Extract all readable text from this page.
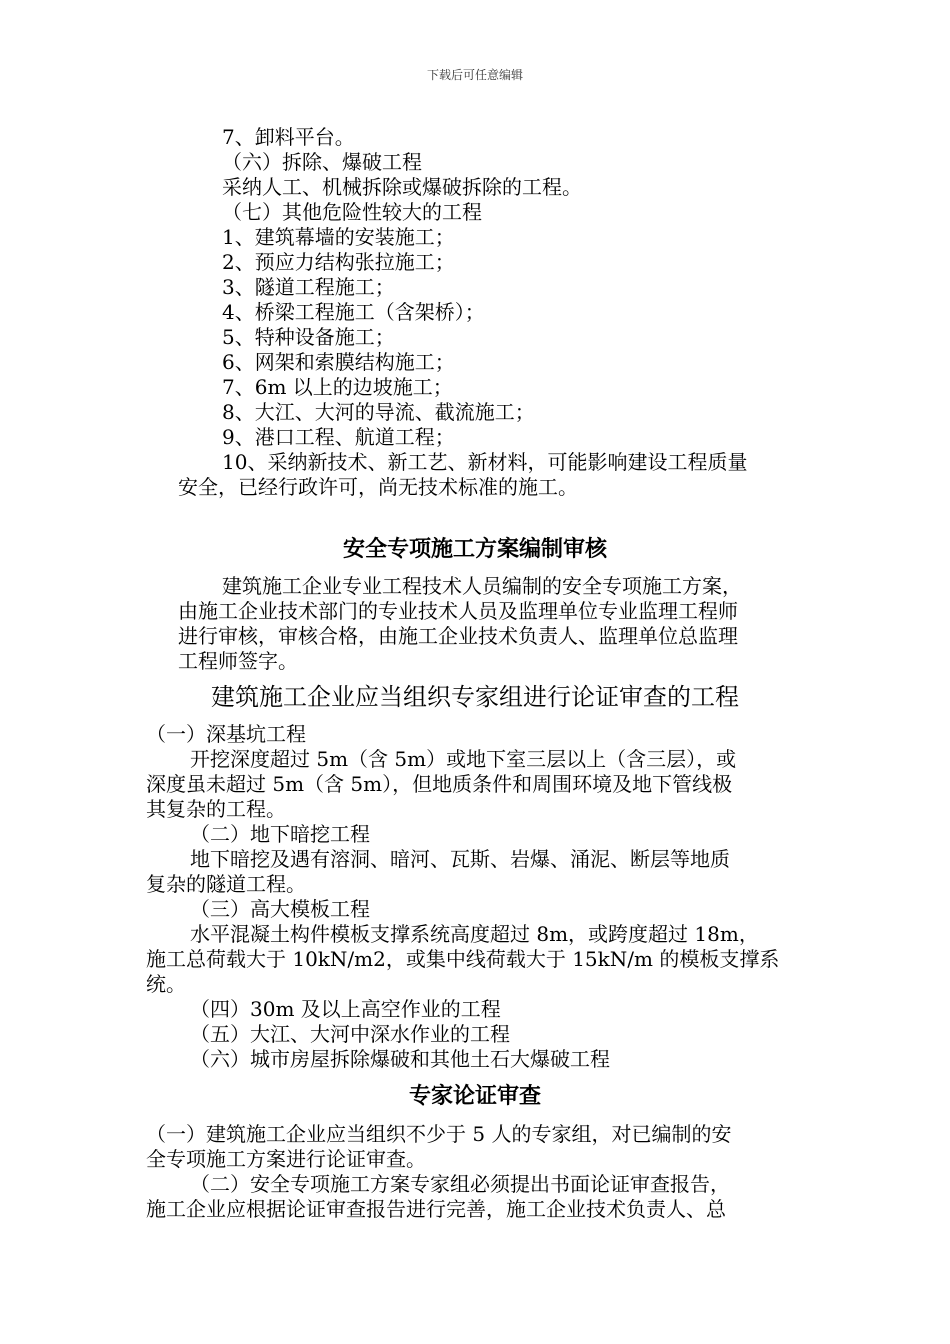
下载后可任意编辑
7、卸料平台。
（六）拆除、爆破工程
采纳人工、机械拆除或爆破拆除的工程。
（七）其他危险性较大的工程
1、建筑幕墙的安装施工；
2、预应力结构张拉施工；
3、隧道工程施工；
4、桥梁工程施工（含架桥）；
5、特种设备施工；
6、网架和索膜结构施工；
7、6m 以上的边坡施工；
8、大江、大河的导流、截流施工；
9、港口工程、航道工程；
10、采纳新技术、新工艺、新材料，可能影响建设工程质量
安全，已经行政许可，尚无技术标准的施工。
安全专项施工方案编制审核
建筑施工企业专业工程技术人员编制的安全专项施工方案，
由施工企业技术部门的专业技术人员及监理单位专业监理工程师
进行审核，审核合格，由施工企业技术负责人、监理单位总监理
工程师签字。
建筑施工企业应当组织专家组进行论证审查的工程
（一）深基坑工程
开挖深度超过 5m（含 5m）或地下室三层以上（含三层），或
深度虽未超过 5m（含 5m），但地质条件和周围环境及地下管线极
其复杂的工程。
（二）地下暗挖工程
地下暗挖及遇有溶洞、暗河、瓦斯、岩爆、涌泥、断层等地质
复杂的隧道工程。
（三）高大模板工程
水平混凝土构件模板支撑系统高度超过 8m，或跨度超过 18m，
施工总荷载大于 10kN/m2，或集中线荷载大于 15kN/m 的模板支撑系
统。
（四）30m 及以上高空作业的工程
（五）大江、大河中深水作业的工程
（六）城市房屋拆除爆破和其他土石大爆破工程
专家论证审查
（一）建筑施工企业应当组织不少于 5 人的专家组，对已编制的安
全专项施工方案进行论证审查。
（二）安全专项施工方案专家组必须提出书面论证审查报告，
施工企业应根据论证审查报告进行完善，施工企业技术负责人、总
